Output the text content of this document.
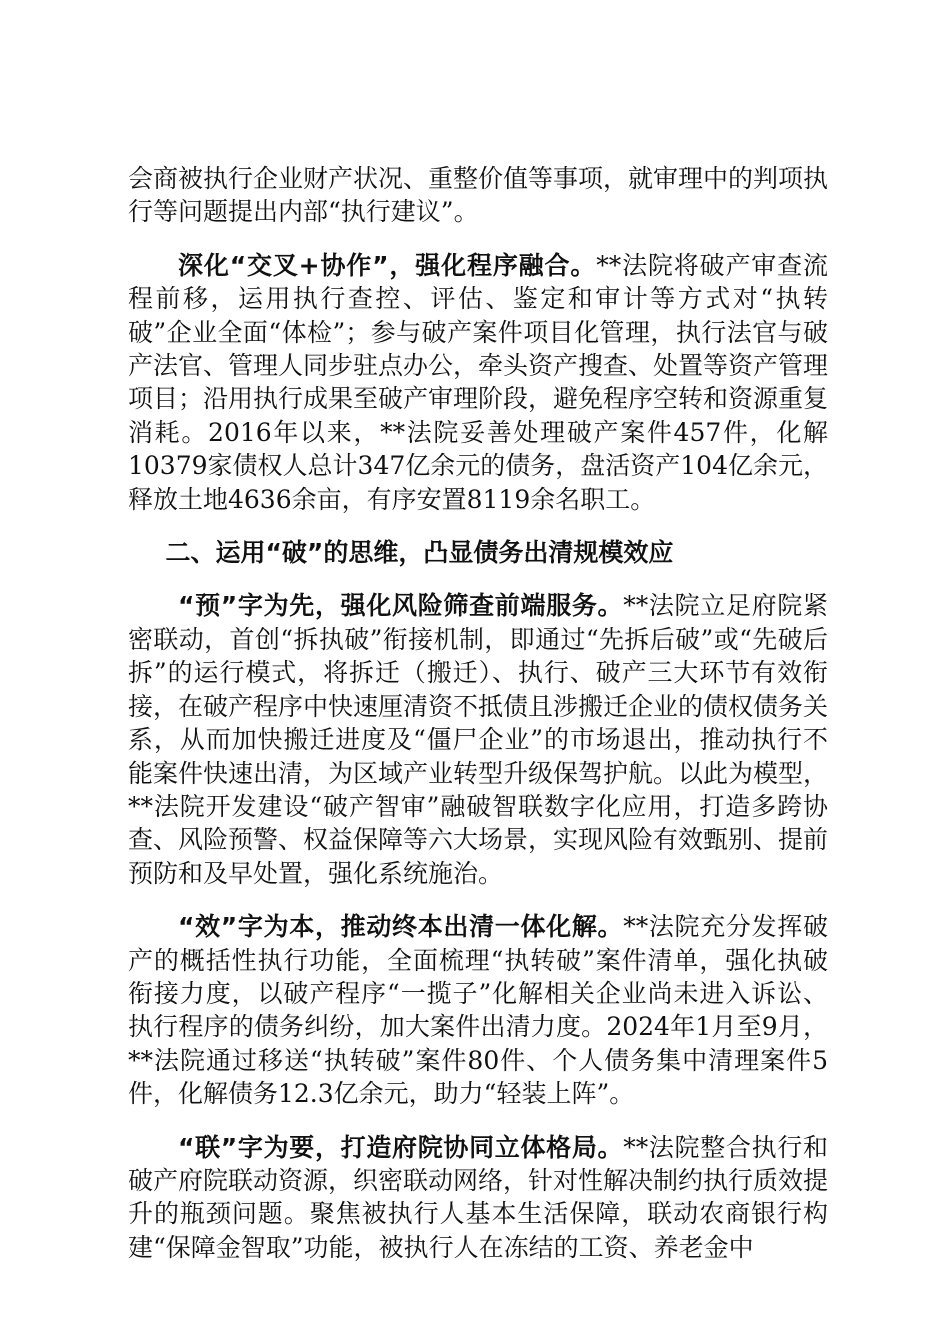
会商被执行企业财产状况、重整价值等事项，就审理中的判项执行等问题提出内部“执行建议”。

深化“交叉+协作”，强化程序融合。**法院将破产审查流程前移，运用执行查控、评估、鉴定和审计等方式对“执转破”企业全面“体检”；参与破产案件项目化管理，执行法官与破产法官、管理人同步驻点办公，牵头资产搜查、处置等资产管理项目；沿用执行成果至破产审理阶段，避免程序空转和资源重复消耗。2016年以来，**法院妥善处理破产案件457件，化解10379家债权人总计347亿余元的债务，盘活资产104亿余元，释放土地4636余亩，有序安置8119余名职工。

二、运用“破”的思维，凸显债务出清规模效应

“预”字为先，强化风险筛查前端服务。**法院立足府院紧密联动，首创“拆执破”衔接机制，即通过“先拆后破”或“先破后拆”的运行模式，将拆迁（搬迁）、执行、破产三大环节有效衔接，在破产程序中快速厘清资不抵债且涉搬迁企业的债权债务关系，从而加快搬迁进度及“僵尸企业”的市场退出，推动执行不能案件快速出清，为区域产业转型升级保驾护航。以此为模型，**法院开发建设“破产智审”融破智联数字化应用，打造多跨协查、风险预警、权益保障等六大场景，实现风险有效甄别、提前预防和及早处置，强化系统施治。

“效”字为本，推动终本出清一体化解。**法院充分发挥破产的概括性执行功能，全面梳理“执转破”案件清单，强化执破衔接力度，以破产程序“一揽子”化解相关企业尚未进入诉讼、执行程序的债务纠纷，加大案件出清力度。2024年1月至9月，**法院通过移送“执转破”案件80件、个人债务集中清理案件5件，化解债务12.3亿余元，助力“轻装上阵”。

“联”字为要，打造府院协同立体格局。**法院整合执行和破产府院联动资源，织密联动网络，针对性解决制约执行质效提升的瓶颈问题。聚焦被执行人基本生活保障，联动农商银行构建“保障金智取”功能，被执行人在冻结的工资、养老金中
